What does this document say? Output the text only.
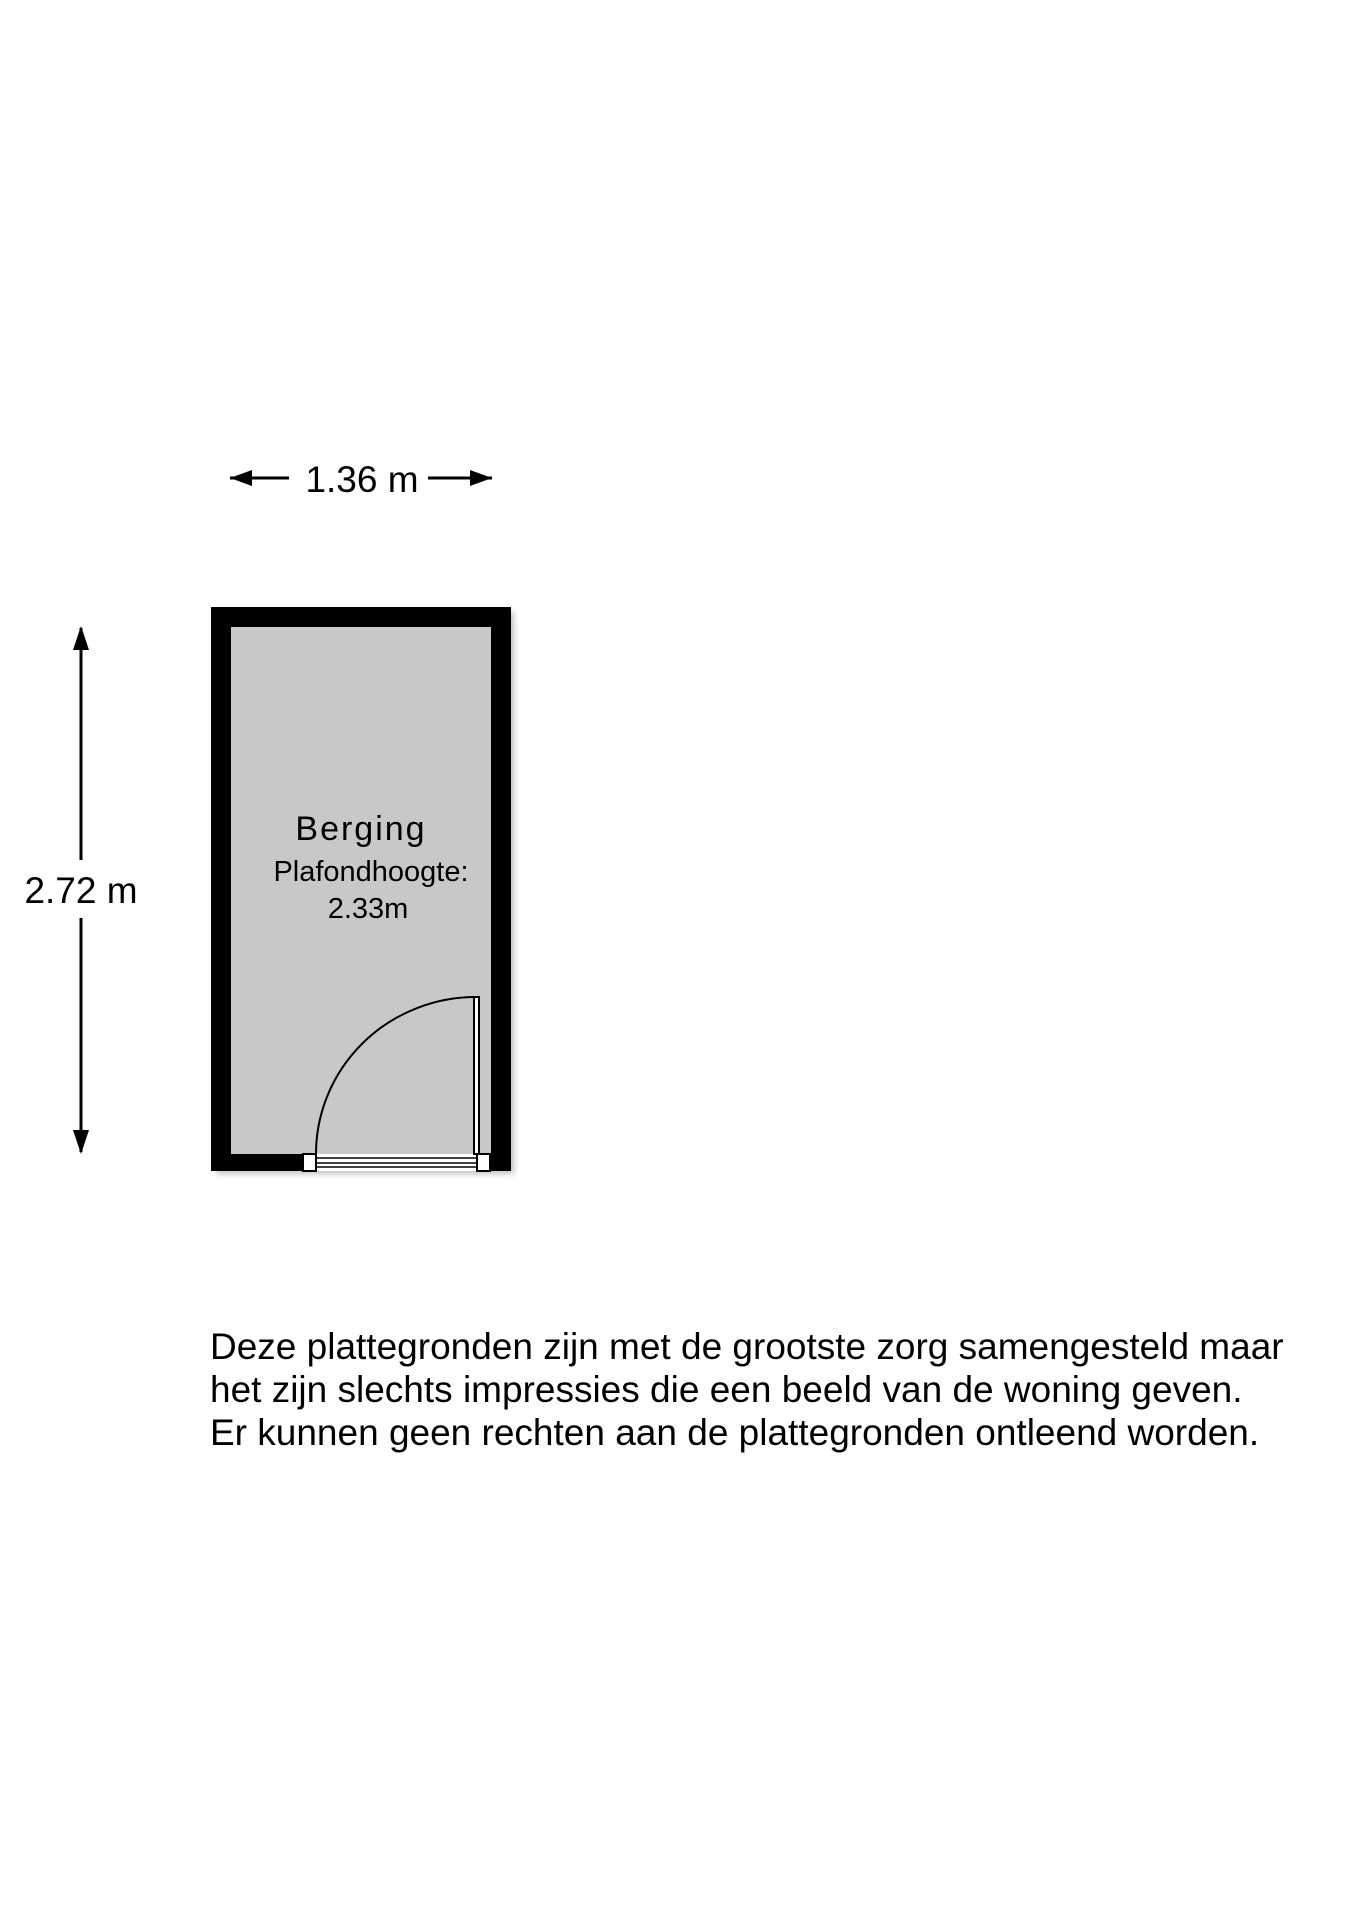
1.36 m
2.72 m
Berging
Plafondhoogte:
2.33m

Deze plattegronden zijn met de grootste zorg samengesteld maar
het zijn slechts impressies die een beeld van de woning geven.
Er kunnen geen rechten aan de plattegronden ontleend worden.
